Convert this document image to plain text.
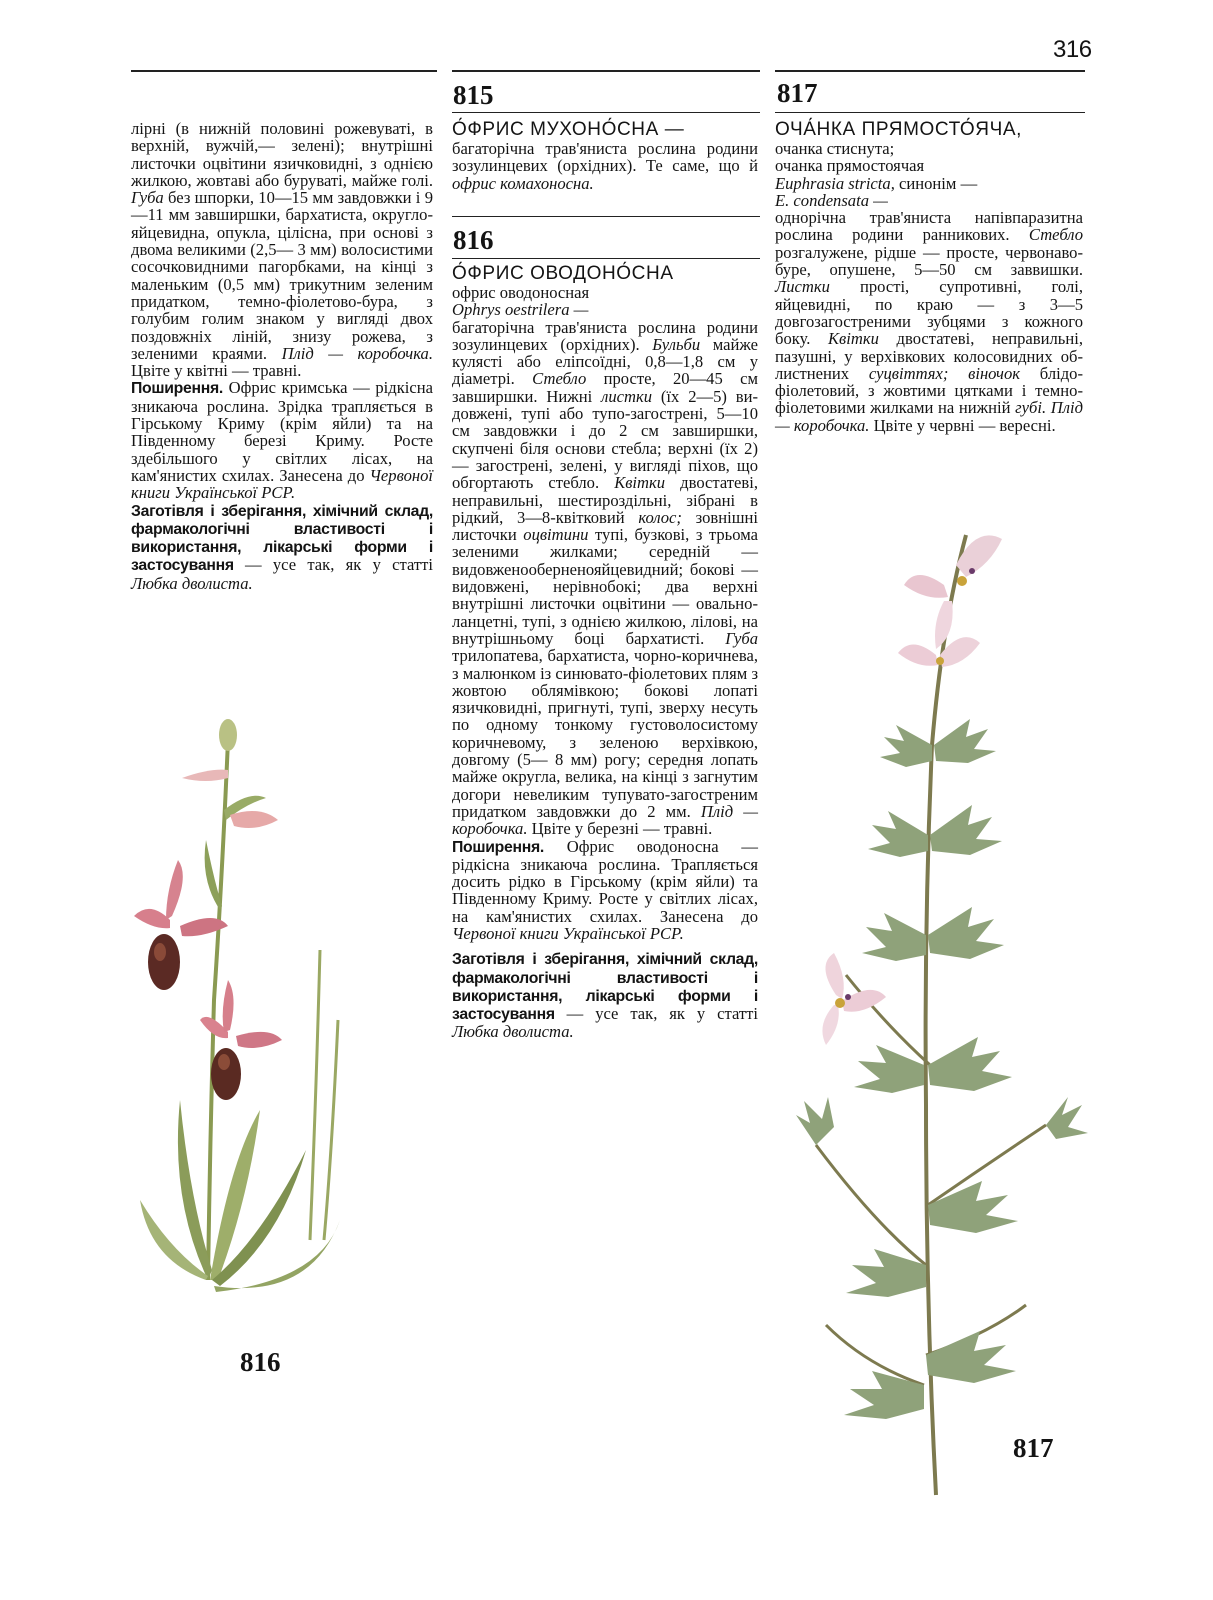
316
815
816
817

лірні (в нижній половині рожевуваті, в верхній, вужчій,— зелені); внутрішні листочки оцвітини язичковидні, з однією жилкою, жовтаві або буруваті, майже голі. Губа без шпорки, 10—15 мм завдовжки і 9—11 мм завширшки, бархатиста, округло-яйцевидна, опукла, цілісна, при основі з двома великими (2,5— 3 мм) волосистими сосочковидними пагорбками, на кінці з маленьким (0,5 мм) трикутним зеленим придатком, темно-фіолетово-бура, з голубим голим знаком у вигляді двох поздовжніх ліній, знизу рожева, з зеленими краями. Плід — коробочка. Цвіте у квітні — травні.

Поширення. Офрис кримська — рідкісна зникаюча рослина. Зрідка трапляється в Гірському Криму (крім яйли) та на Південному березі Криму. Росте здебільшого у світлих лісах, на кам'янистих схилах. Занесена до Червоної книги Української РСР.

Заготівля і зберігання, хімічний склад, фармакологічні властивості і використання, лікарські форми і застосування — усе так, як у статті Любка дволиста.

О́ФРИС МУХОНО́СНА —

багаторічна трав'яниста рослина родини зозулинцевих (орхідних). Те саме, що й офрис комахоносна.

О́ФРИС ОВОДОНО́СНА
офрис оводоносная
Ophrys oestrilera —

багаторічна трав'яниста рослина родини зозулинцевих (орхідних). Бульби майже кулясті або еліпсоїдні, 0,8—1,8 см у діаметрі. Стебло просте, 20—45 см завширшки. Нижні листки (їх 2—5) видовжені, тупі або тупо-загострені, 5—10 см завдовжки і до 2 см завширшки, скупчені біля основи стебла; верхні (їх 2) — загострені, зелені, у вигляді піхов, що обгортають стебло. Квітки двостатеві, неправильні, шестироздільні, зібрані в рідкий, 3—8-квітковий колос; зовнішні листочки оцвітини тупі, бузкові, з трьома зеленими жилками; середній — видовженооберненояйцевидний; бокові — видовжені, нерівнобокі; два верхні внутрішні листочки оцвітини — овально-ланцетні, тупі, з однією жилкою, лілові, на внутрішньому боці бархатисті. Губа трилопатева, бархатиста, чорно-коричнева, з малюнком із синювато-фіолетових плям з жовтою облямівкою; бокові лопаті язичковидні, пригнуті, тупі, зверху несуть по одному тонкому густоволосистому коричневому, з зеленою верхівкою, довгому (5— 8 мм) рогу; середня лопать майже округла, велика, на кінці з загнутим догори невеликим тупувато-загостреним придатком завдовжки до 2 мм. Плід — коробочка. Цвіте у березні — травні.

Поширення. Офрис оводоносна — рідкісна зникаюча рослина. Трапляється досить рідко в Гірському (крім яйли) та Південному Криму. Росте у світлих лісах, на кам'янистих схилах. Занесена до Червоної книги Української РСР.

Заготівля і зберігання, хімічний склад, фармакологічні властивості і використання, лікарські форми і застосування — усе так, як у статті Любка дволиста.

ОЧА́НКА ПРЯМОСТО́ЯЧА,
очанка стиснута;
очанка прямостоячая
Euphrasia stricta, синонім —
E. condensata —

однорічна трав'яниста напівпаразитна рослина родини ранникових. Стебло розгалужене, рідше — просте, червонаво-буре, опушене, 5—50 см заввишки. Листки прості, супротивні, голі, яйцевидні, по краю — з 3—5 довгозагостреними зубцями з кожного боку. Квітки двостатеві, неправильні, пазушні, у верхівкових колосовидних облистнених суцвіттях; віночок блідо-фіолетовий, з жовтими цятками і темно-фіолетовими жилками на нижній губі. Плід — коробочка. Цвіте у червні — вересні.

816
817
